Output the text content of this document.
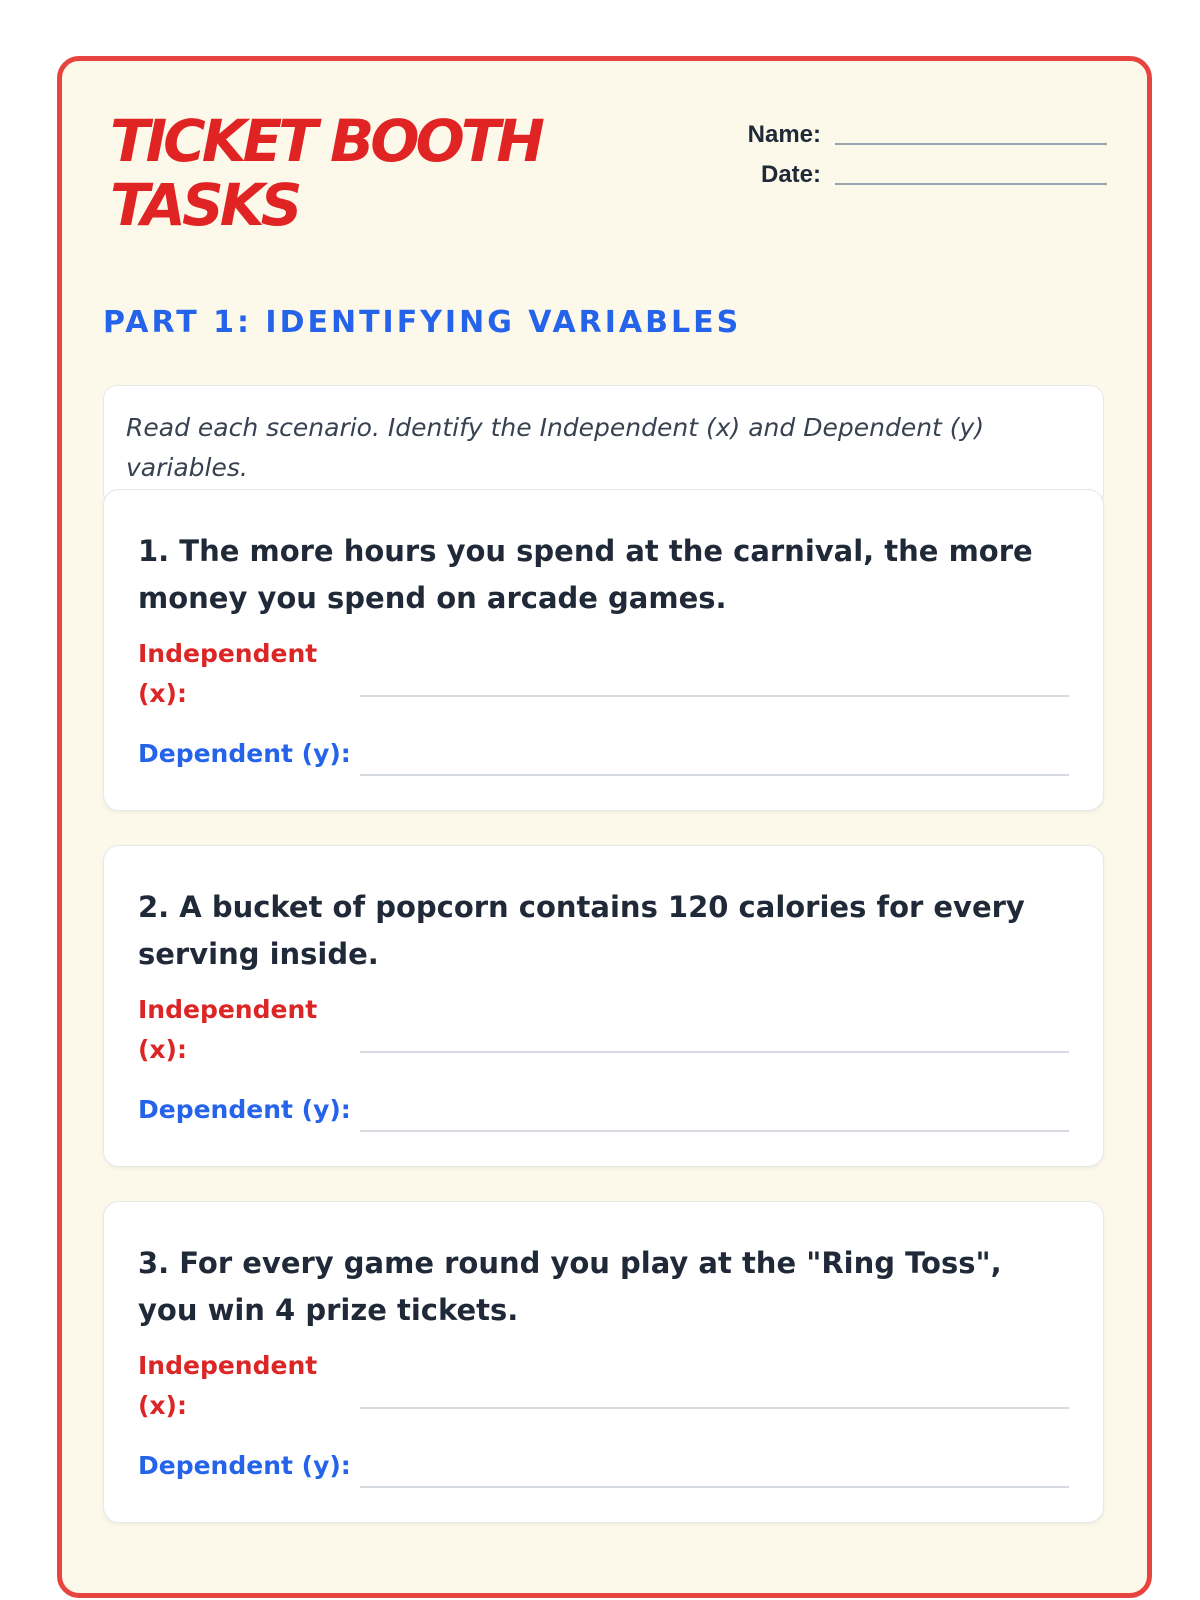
TICKET BOOTH TASKS
Name:
Date:
PART 1: IDENTIFYING VARIABLES
Read each scenario. Identify the Independent (x) and Dependent (y) variables.
1. The more hours you spend at the carnival, the more money you spend on arcade games.
Independent (x):
Dependent (y):
2. A bucket of popcorn contains 120 calories for every serving inside.
Independent (x):
Dependent (y):
3. For every game round you play at the "Ring Toss", you win 4 prize tickets.
Independent (x):
Dependent (y):
